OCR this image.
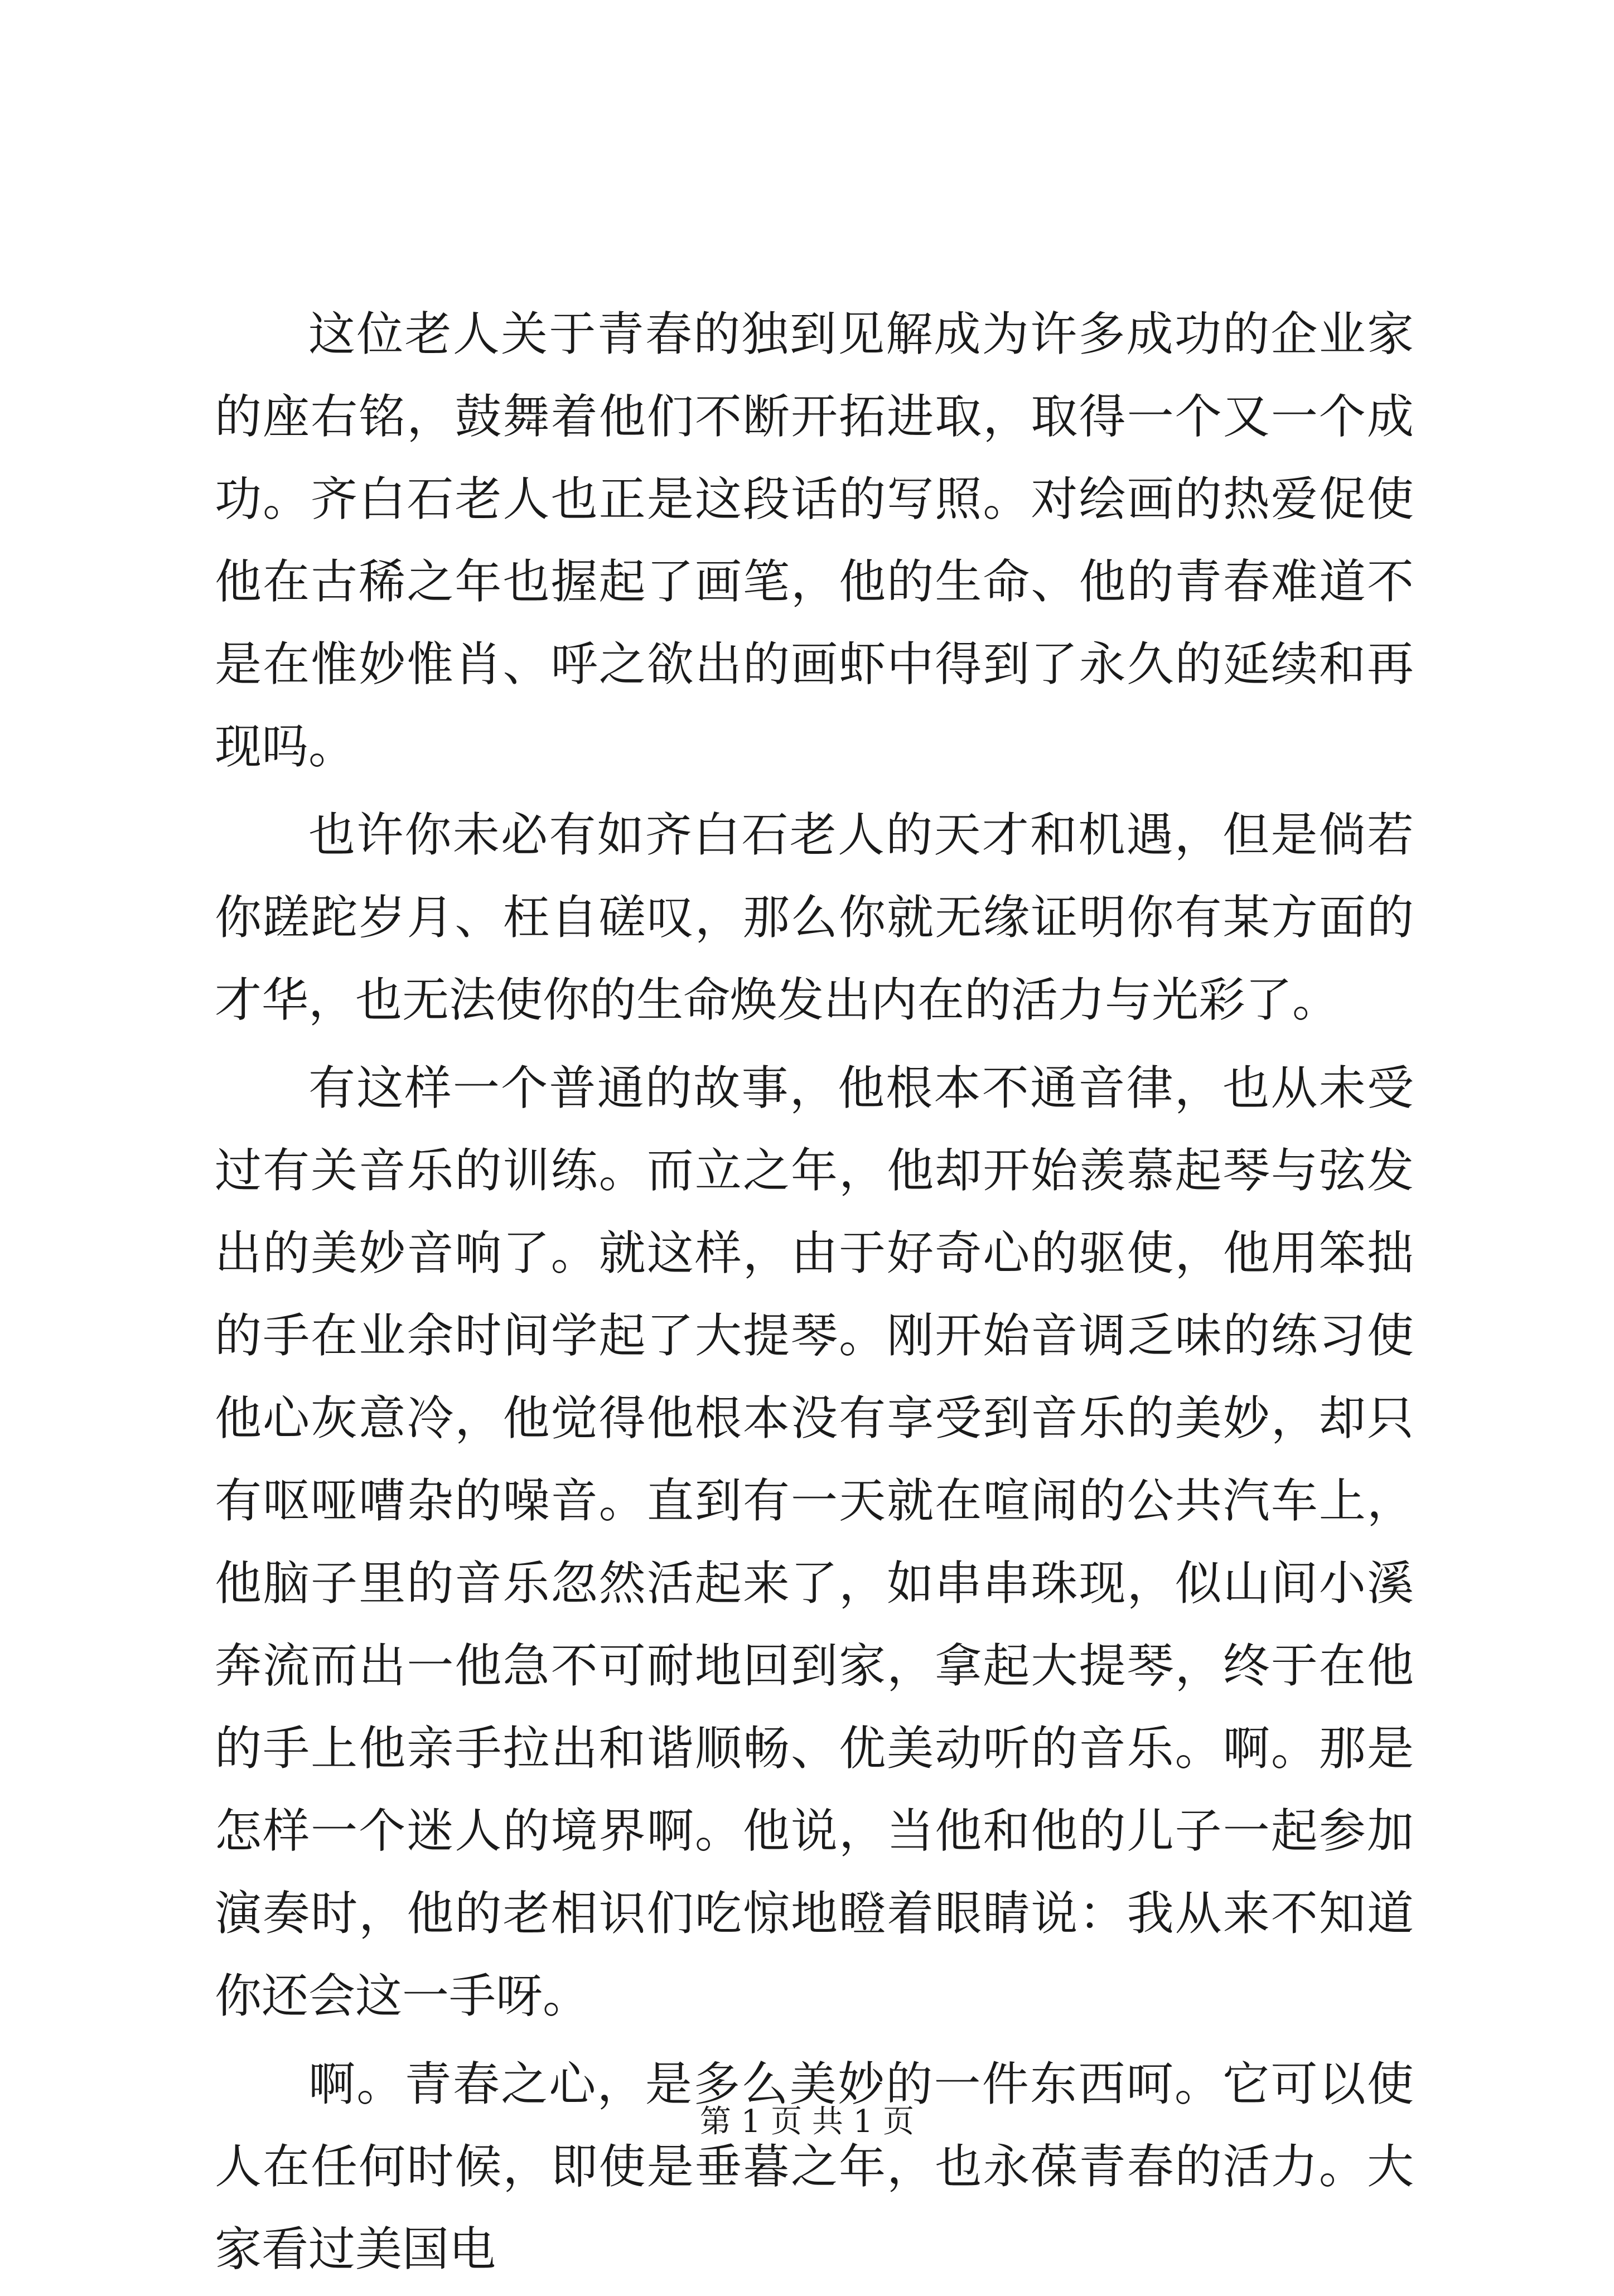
这位老人关于青春的独到见解成为许多成功的企业家的座右铭，鼓舞着他们不断开拓进取，取得一个又一个成功。齐白石老人也正是这段话的写照。对绘画的热爱促使他在古稀之年也握起了画笔，他的生命、他的青春难道不是在惟妙惟肖、呼之欲出的画虾中得到了永久的延续和再现吗。

也许你未必有如齐白石老人的天才和机遇，但是倘若你蹉跎岁月、枉自磋叹，那么你就无缘证明你有某方面的才华，也无法使你的生命焕发出内在的活力与光彩了。

有这样一个普通的故事，他根本不通音律，也从未受过有关音乐的训练。而立之年，他却开始羡慕起琴与弦发出的美妙音响了。就这样，由于好奇心的驱使，他用笨拙的手在业余时间学起了大提琴。刚开始音调乏味的练习使他心灰意冷，他觉得他根本没有享受到音乐的美妙，却只有呕哑嘈杂的噪音。直到有一天就在喧闹的公共汽车上，他脑子里的音乐忽然活起来了，如串串珠现，似山间小溪奔流而出一他急不可耐地回到家，拿起大提琴，终于在他的手上他亲手拉出和谐顺畅、优美动听的音乐。啊。那是怎样一个迷人的境界啊。他说，当他和他的儿子一起参加演奏时，他的老相识们吃惊地瞪着眼睛说：我从来不知道你还会这一手呀。

啊。青春之心，是多么美妙的一件东西呵。它可以使人在任何时候，即使是垂暮之年，也永葆青春的活力。大家看过美国电

第 1 页 共 1 页
